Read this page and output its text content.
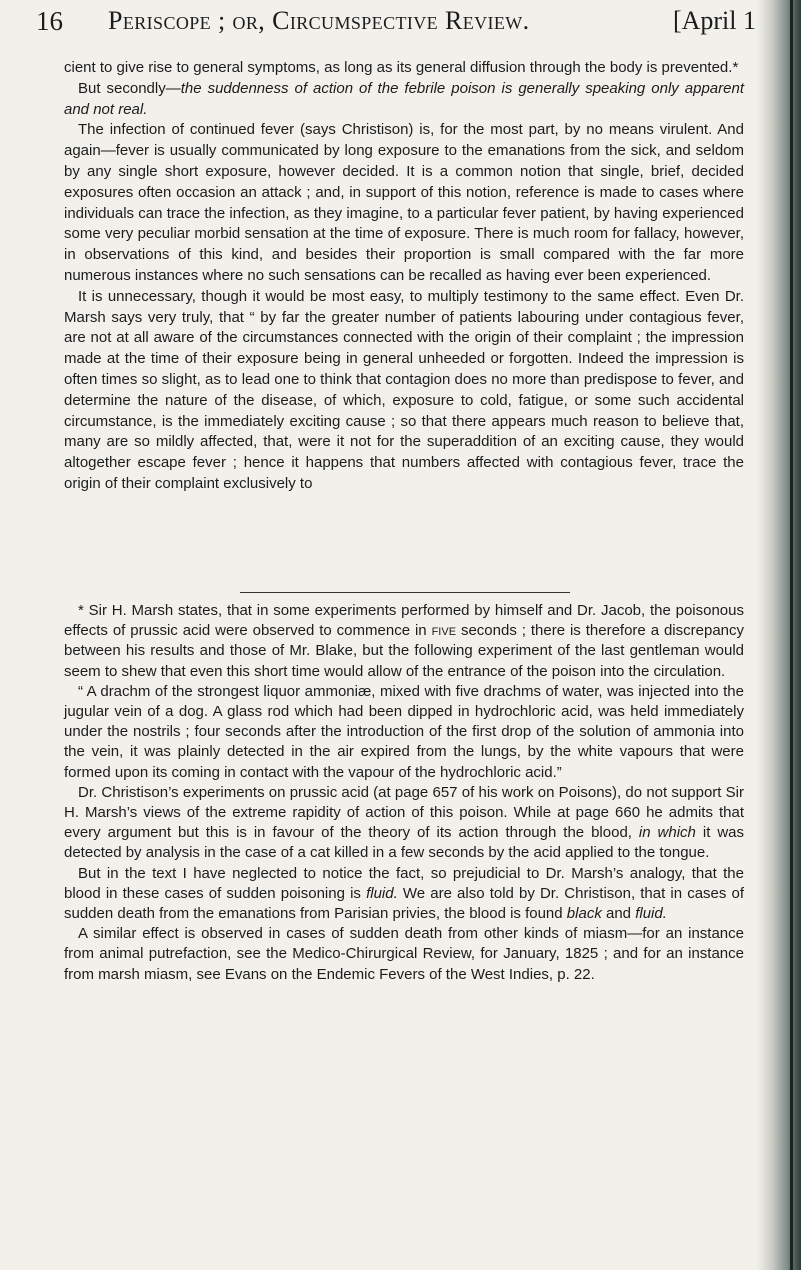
16 Periscope ; or, Circumspective Review.	[April 1

cient to give rise to general symptoms, as long as its general diffusion through the body is prevented.*

But secondly—the suddenness of action of the febrile poison is generally speaking only apparent and not real.

The infection of continued fever (says Christison) is, for the most part, by no means virulent. And again—fever is usually communicated by long exposure to the emanations from the sick, and seldom by any single short exposure, however decided. It is a common notion that single, brief, decided exposures often occasion an attack ; and, in support of this notion, reference is made to cases where individuals can trace the infection, as they imagine, to a particular fever patient, by having experienced some very peculiar morbid sensation at the time of exposure. There is much room for fallacy, however, in observations of this kind, and besides their proportion is small compared with the far more numerous instances where no such sensations can be recalled as having ever been experienced.

It is unnecessary, though it would be most easy, to multiply testimony to the same effect. Even Dr. Marsh says very truly, that “ by far the greater number of patients labouring under contagious fever, are not at all aware of the circumstances connected with the origin of their complaint ; the impression made at the time of their exposure being in general unheeded or forgotten. Indeed the impression is often times so slight, as to lead one to think that contagion does no more than predispose to fever, and determine the nature of the disease, of which, exposure to cold, fatigue, or some such accidental circumstance, is the immediately exciting cause ; so that there appears much reason to believe that, many are so mildly affected, that, were it not for the superaddition of an exciting cause, they would altogether escape fever ; hence it happens that numbers affected with contagious fever, trace the origin of their complaint exclusively to

* Sir H. Marsh states, that in some experiments performed by himself and Dr. Jacob, the poisonous effects of prussic acid were observed to commence in five seconds ; there is therefore a discrepancy between his results and those of Mr. Blake, but the following experiment of the last gentleman would seem to shew that even this short time would allow of the entrance of the poison into the circulation.

“ A drachm of the strongest liquor ammoniæ, mixed with five drachms of water, was injected into the jugular vein of a dog. A glass rod which had been dipped in hydrochloric acid, was held immediately under the nostrils ; four seconds after the introduction of the first drop of the solution of ammonia into the vein, it was plainly detected in the air expired from the lungs, by the white vapours that were formed upon its coming in contact with the vapour of the hydrochloric acid.”

Dr. Christison’s experiments on prussic acid (at page 657 of his work on Poisons), do not support Sir H. Marsh’s views of the extreme rapidity of action of this poison. While at page 660 he admits that every argument but this is in favour of the theory of its action through the blood, in which it was detected by analysis in the case of a cat killed in a few seconds by the acid applied to the tongue.

But in the text I have neglected to notice the fact, so prejudicial to Dr. Marsh’s analogy, that the blood in these cases of sudden poisoning is fluid. We are also told by Dr. Christison, that in cases of sudden death from the emanations from Parisian privies, the blood is found black and fluid.

A similar effect is observed in cases of sudden death from other kinds of miasm—for an instance from animal putrefaction, see the Medico-Chirurgical Review, for January, 1825 ; and for an instance from marsh miasm, see Evans on the Endemic Fevers of the West Indies, p. 22.
